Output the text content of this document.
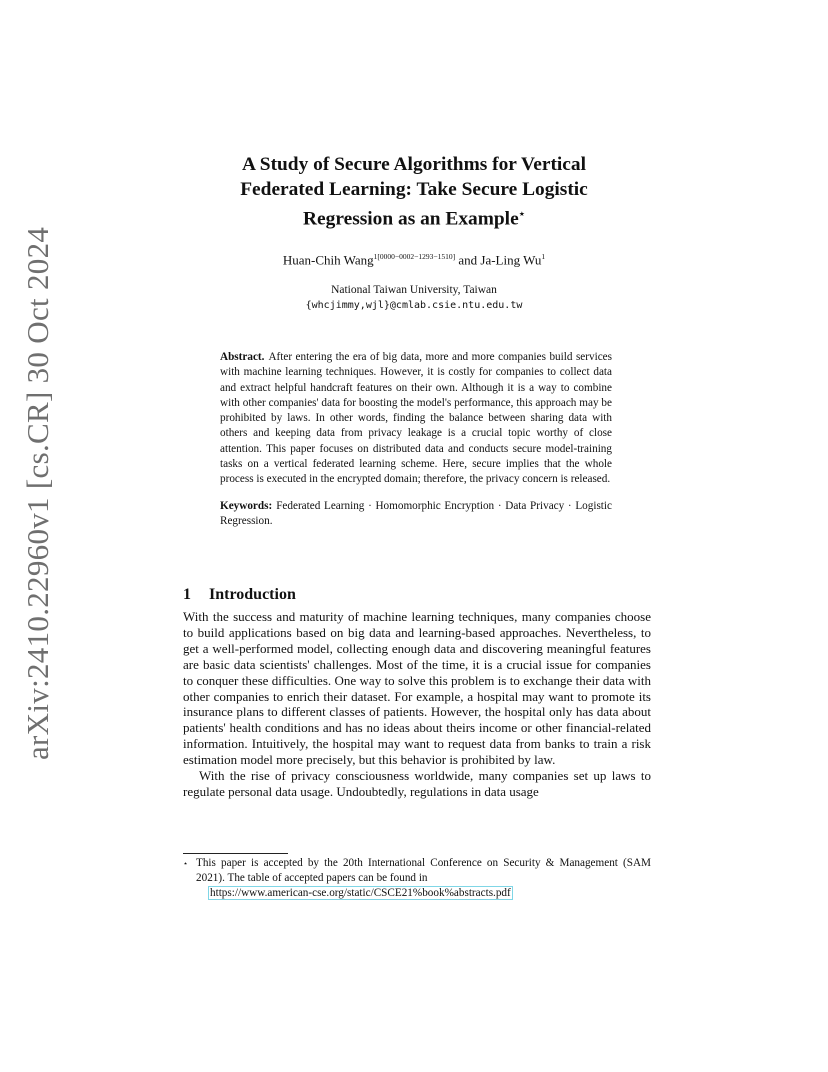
arXiv:2410.22960v1 [cs.CR] 30 Oct 2024
A Study of Secure Algorithms for Vertical
Federated Learning: Take Secure Logistic
Regression as an Example⋆
Huan-Chih Wang$^{1[0000-0002-1293-1510]}$ and Ja-Ling Wu$^1$
National Taiwan University, Taiwan
{whcjimmy,wjl}@cmlab.csie.ntu.edu.tw

Abstract. After entering the era of big data, more and more companies build services with machine learning techniques. However, it is costly for companies to collect data and extract helpful handcraft features on their own. Although it is a way to combine with other companies' data for boosting the model's performance, this approach may be prohibited by laws. In other words, finding the balance between sharing data with others and keeping data from privacy leakage is a crucial topic worthy of close attention. This paper focuses on distributed data and conducts secure model-training tasks on a vertical federated learning scheme. Here, secure implies that the whole process is executed in the encrypted domain; therefore, the privacy concern is released.

Keywords: Federated Learning · Homomorphic Encryption · Data Privacy · Logistic Regression.

1 Introduction

With the success and maturity of machine learning techniques, many companies choose to build applications based on big data and learning-based approaches. Nevertheless, to get a well-performed model, collecting enough data and discovering meaningful features are basic data scientists' challenges. Most of the time, it is a crucial issue for companies to conquer these difficulties. One way to solve this problem is to exchange their data with other companies to enrich their dataset. For example, a hospital may want to promote its insurance plans to different classes of patients. However, the hospital only has data about patients' health conditions and has no ideas about theirs income or other financial-related information. Intuitively, the hospital may want to request data from banks to train a risk estimation model more precisely, but this behavior is prohibited by law.

With the rise of privacy consciousness worldwide, many companies set up laws to regulate personal data usage. Undoubtedly, regulations in data usage

⋆ This paper is accepted by the 20th International Conference on Security & Management (SAM 2021). The table of accepted papers can be found in
https://www.american-cse.org/static/CSCE21%book%abstracts.pdf
